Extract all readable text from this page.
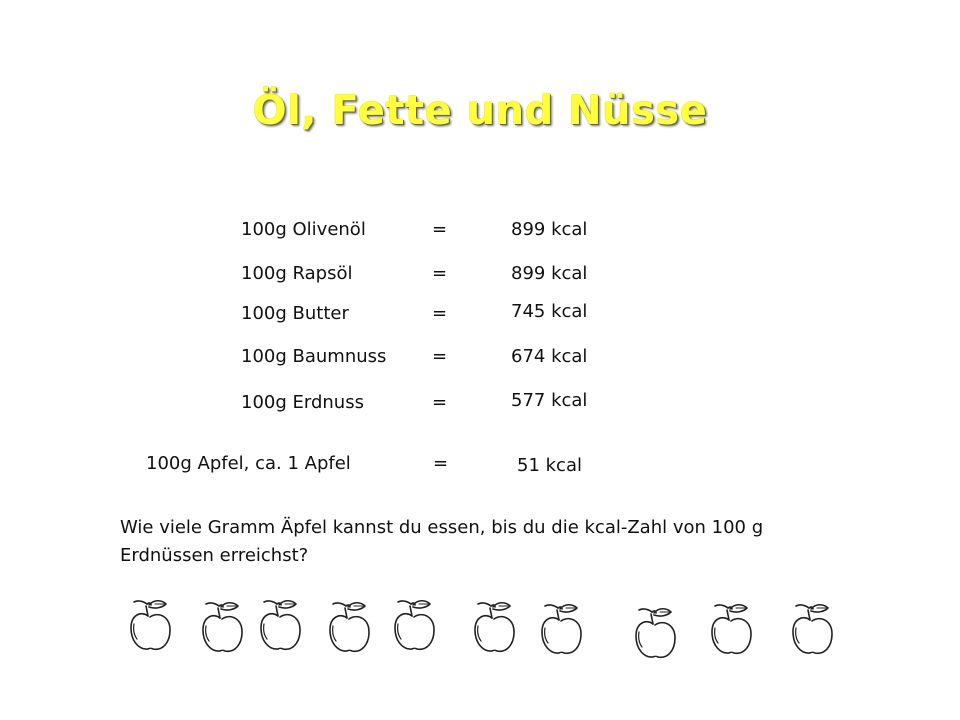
Öl, Fette und Nüsse
100g Olivenöl	=	899 kcal
100g Rapsöl	=	899 kcal
100g Butter	=	745 kcal
100g Baumnuss	=	674 kcal
100g Erdnuss	=	577 kcal
100g Apfel, ca. 1 Apfel	=	51 kcal
Wie viele Gramm Äpfel kannst du essen, bis du die kcal-Zahl von 100 g Erdnüssen erreichst?
